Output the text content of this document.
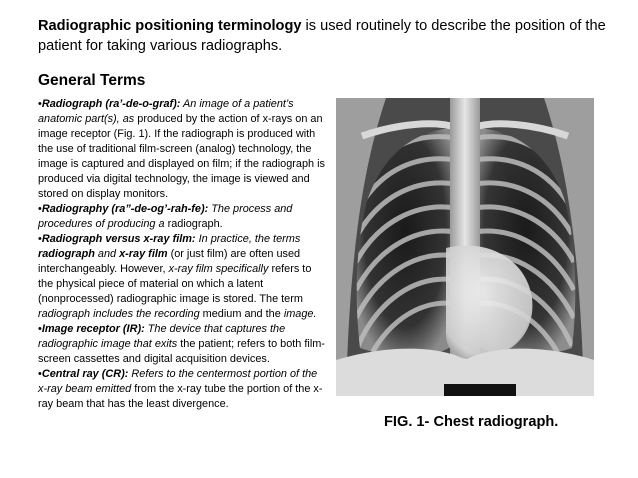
Radiographic positioning terminology is used routinely to describe the position of the patient for taking various radiographs.
General Terms

•Radiograph (ra’-de-o-graf): An image of a patient’s anatomic part(s), as produced by the action of x-rays on an image receptor (Fig. 1). If the radiograph is produced with the use of traditional film-screen (analog) technology, the image is captured and displayed on film; if the radiograph is produced via digital technology, the image is viewed and stored on display monitors.

•Radiography (ra”-de-og’-rah-fe): The process and procedures of producing a radiograph.

•Radiograph versus x-ray film: In practice, the terms radiograph and x-ray film (or just film) are often used interchangeably. However, x-ray film specifically refers to the physical piece of material on which a latent (nonprocessed) radiographic image is stored. The term radiograph includes the recording medium and the image.

•Image receptor (IR): The device that captures the radiographic image that exits the patient; refers to both film-screen cassettes and digital acquisition devices.

•Central ray (CR): Refers to the centermost portion of the x-ray beam emitted from the x-ray tube the portion of the x-ray beam that has the least divergence.

FIG. 1- Chest radiograph.
